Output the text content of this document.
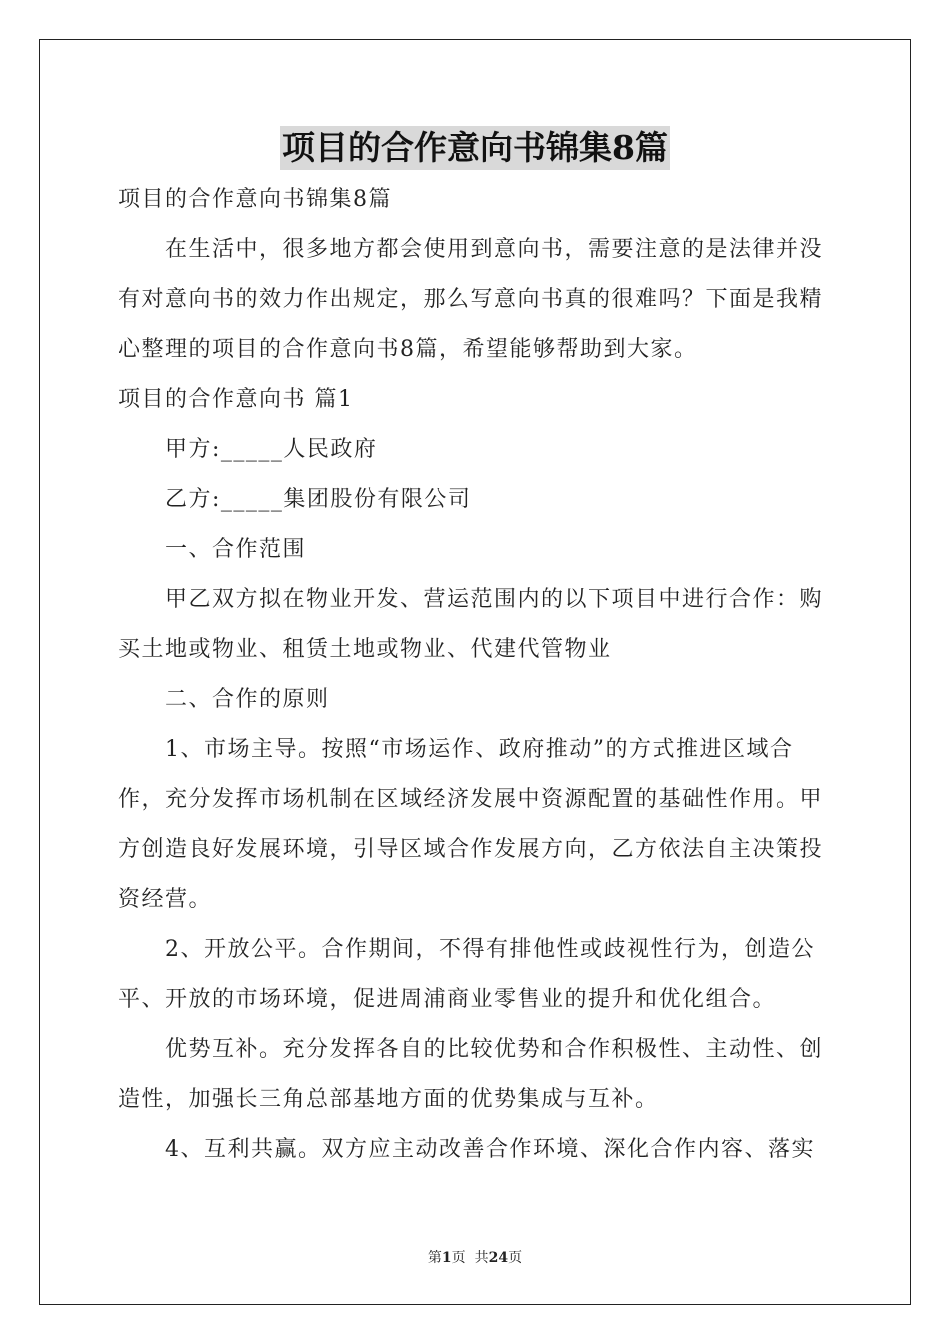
项目的合作意向书锦集8篇
项目的合作意向书锦集8篇
在生活中，很多地方都会使用到意向书，需要注意的是法律并没
有对意向书的效力作出规定，那么写意向书真的很难吗？下面是我精
心整理的项目的合作意向书8篇，希望能够帮助到大家。
项目的合作意向书 篇1
甲方:_____人民政府
乙方:_____集团股份有限公司
一、合作范围
甲乙双方拟在物业开发、营运范围内的以下项目中进行合作：购
买土地或物业、租赁土地或物业、代建代管物业
二、合作的原则
1、市场主导。按照“市场运作、政府推动”的方式推进区域合
作，充分发挥市场机制在区域经济发展中资源配置的基础性作用。甲
方创造良好发展环境，引导区域合作发展方向，乙方依法自主决策投
资经营。
2、开放公平。合作期间，不得有排他性或歧视性行为，创造公
平、开放的市场环境，促进周浦商业零售业的提升和优化组合。
优势互补。充分发挥各自的比较优势和合作积极性、主动性、创
造性，加强长三角总部基地方面的优势集成与互补。
4、互利共赢。双方应主动改善合作环境、深化合作内容、落实
第1页  共24页
